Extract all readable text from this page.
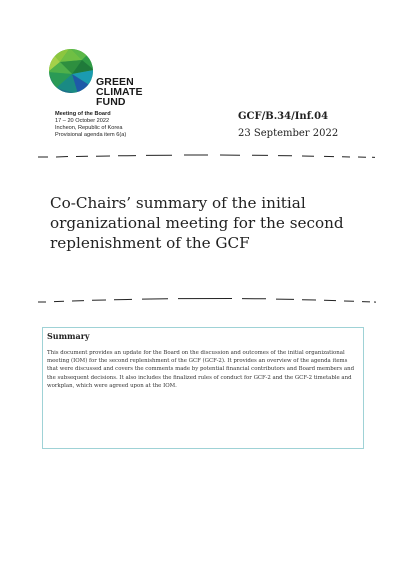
GREEN
CLIMATE
FUND
Meeting of the Board
17 – 20 October 2022
Incheon, Republic of Korea
Provisional agenda item 6(a)
GCF/B.34/Inf.04
23 September 2022
Co-Chairs’ summary of the initial organizational meeting for the second replenishment of the GCF
Summary
This document provides an update for the Board on the discussion and outcomes of the initial organizational meeting (IOM) for the second replenishment of the GCF (GCF-2). It provides an overview of the agenda items that were discussed and covers the comments made by potential financial contributors and Board members and the subsequent decisions. It also includes the finalized rules of conduct for GCF-2 and the GCF-2 timetable and workplan, which were agreed upon at the IOM.
